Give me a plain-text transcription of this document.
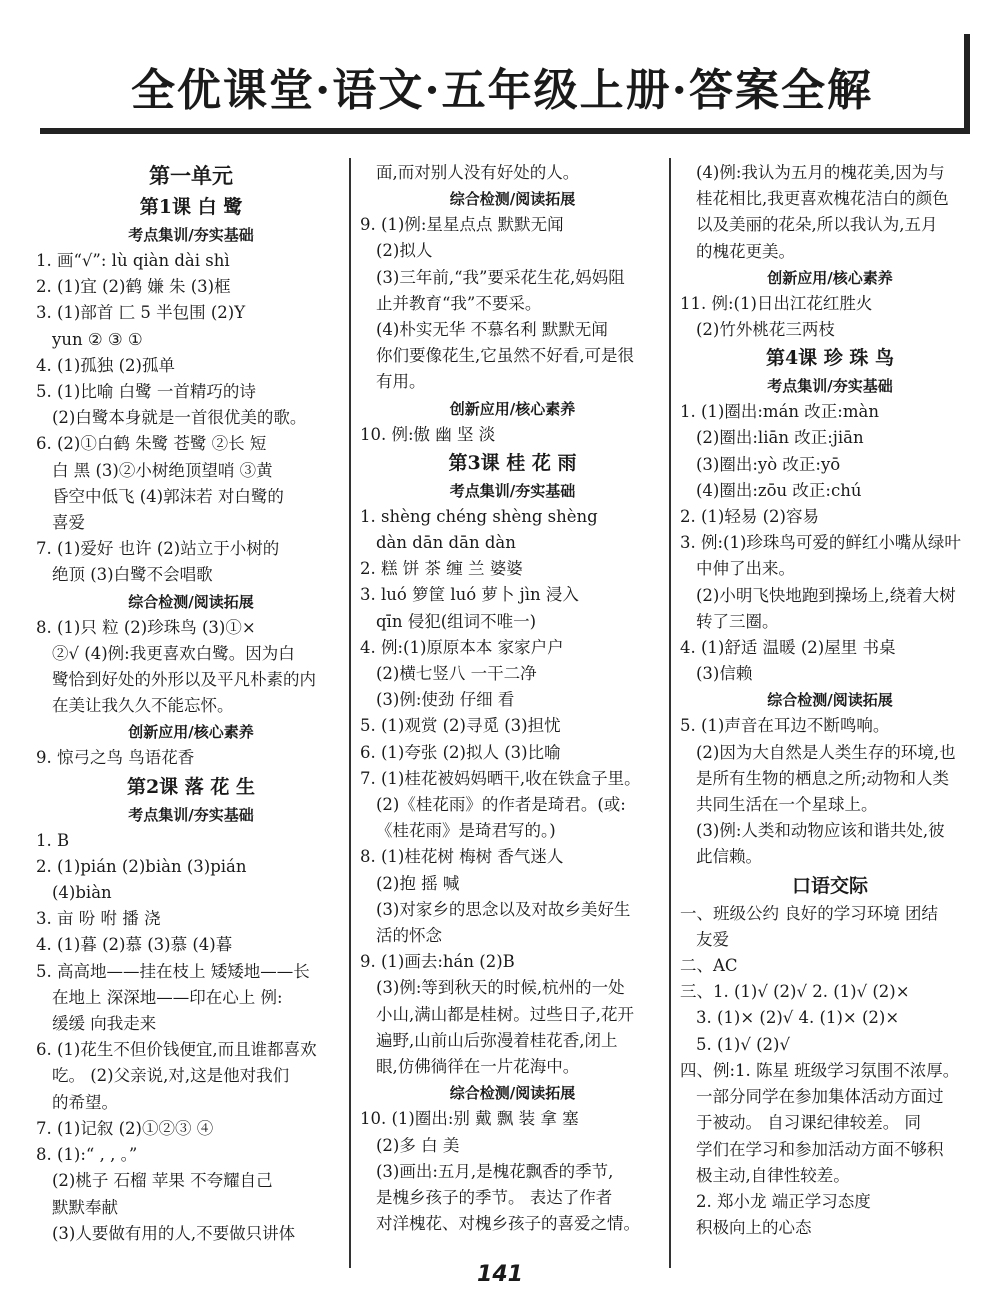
全优课堂·语文·五年级上册·答案全解
第一单元
第1课 白 鹭
考点集训/夯实基础
1. 画“√”: lù qiàn dài shì
2. (1)宜 (2)鹤 嫌 朱 (3)框
3. (1)部首 匚 5 半包围 (2)Y
yun ② ③ ①
4. (1)孤独 (2)孤单
5. (1)比喻 白鹭 一首精巧的诗
(2)白鹭本身就是一首很优美的歌。
6. (2)①白鹤 朱鹭 苍鹭 ②长 短
白 黑 (3)②小树绝顶望哨 ③黄
昏空中低飞 (4)郭沫若 对白鹭的
喜爱
7. (1)爱好 也许 (2)站立于小树的
绝顶 (3)白鹭不会唱歌
综合检测/阅读拓展
8. (1)只 粒 (2)珍珠鸟 (3)①×
②√ (4)例:我更喜欢白鹭。因为白
鹭恰到好处的外形以及平凡朴素的内
在美让我久久不能忘怀。
创新应用/核心素养
9. 惊弓之鸟 鸟语花香
第2课 落 花 生
考点集训/夯实基础
1. B
2. (1)pián (2)biàn (3)pián
(4)biàn
3. 亩 吩 咐 播 浇
4. (1)暮 (2)慕 (3)慕 (4)暮
5. 高高地——挂在枝上 矮矮地——长
在地上 深深地——印在心上 例:
缓缓 向我走来
6. (1)花生不但价钱便宜,而且谁都喜欢
吃。 (2)父亲说,对,这是他对我们
的希望。
7. (1)记叙 (2)①②③ ④
8. (1):“ , , 。”
(2)桃子 石榴 苹果 不夸耀自己
默默奉献
(3)人要做有用的人,不要做只讲体
面,而对别人没有好处的人。
综合检测/阅读拓展
9. (1)例:星星点点 默默无闻
(2)拟人
(3)三年前,“我”要采花生花,妈妈阻
止并教育“我”不要采。
(4)朴实无华 不慕名利 默默无闻
你们要像花生,它虽然不好看,可是很
有用。
创新应用/核心素养
10. 例:傲 幽 坚 淡
第3课 桂 花 雨
考点集训/夯实基础
1. shèng chéng shèng shèng
dàn dān dān dàn
2. 糕 饼 茶 缠 兰 婆婆
3. luó 箩筐 luó 萝卜 jìn 浸入
qīn 侵犯(组词不唯一)
4. 例:(1)原原本本 家家户户
(2)横七竖八 一干二净
(3)例:使劲 仔细 看
5. (1)观赏 (2)寻觅 (3)担忧
6. (1)夸张 (2)拟人 (3)比喻
7. (1)桂花被妈妈晒干,收在铁盒子里。
(2)《桂花雨》的作者是琦君。(或:
《桂花雨》是琦君写的。)
8. (1)桂花树 梅树 香气迷人
(2)抱 摇 喊
(3)对家乡的思念以及对故乡美好生
活的怀念
9. (1)画去:hán (2)B
(3)例:等到秋天的时候,杭州的一处
小山,满山都是桂树。过些日子,花开
遍野,山前山后弥漫着桂花香,闭上
眼,仿佛徜徉在一片花海中。
综合检测/阅读拓展
10. (1)圈出:别 戴 飘 装 拿 塞
(2)多 白 美
(3)画出:五月,是槐花飘香的季节,
是槐乡孩子的季节。 表达了作者
对洋槐花、对槐乡孩子的喜爱之情。
(4)例:我认为五月的槐花美,因为与
桂花相比,我更喜欢槐花洁白的颜色
以及美丽的花朵,所以我认为,五月
的槐花更美。
创新应用/核心素养
11. 例:(1)日出江花红胜火
(2)竹外桃花三两枝
第4课 珍 珠 鸟
考点集训/夯实基础
1. (1)圈出:mán 改正:màn
(2)圈出:liān 改正:jiān
(3)圈出:yò 改正:yō
(4)圈出:zōu 改正:chú
2. (1)轻易 (2)容易
3. 例:(1)珍珠鸟可爱的鲜红小嘴从绿叶
中伸了出来。
(2)小明飞快地跑到操场上,绕着大树
转了三圈。
4. (1)舒适 温暖 (2)屋里 书桌
(3)信赖
综合检测/阅读拓展
5. (1)声音在耳边不断鸣响。
(2)因为大自然是人类生存的环境,也
是所有生物的栖息之所;动物和人类
共同生活在一个星球上。
(3)例:人类和动物应该和谐共处,彼
此信赖。
口语交际
一、班级公约 良好的学习环境 团结
友爱
二、AC
三、1. (1)√ (2)√ 2. (1)√ (2)×
3. (1)× (2)√ 4. (1)× (2)×
5. (1)√ (2)√
四、例:1. 陈星 班级学习氛围不浓厚。
一部分同学在参加集体活动方面过
于被动。 自习课纪律较差。 同
学们在学习和参加活动方面不够积
极主动,自律性较差。
2. 郑小龙 端正学习态度
积极向上的心态
141
